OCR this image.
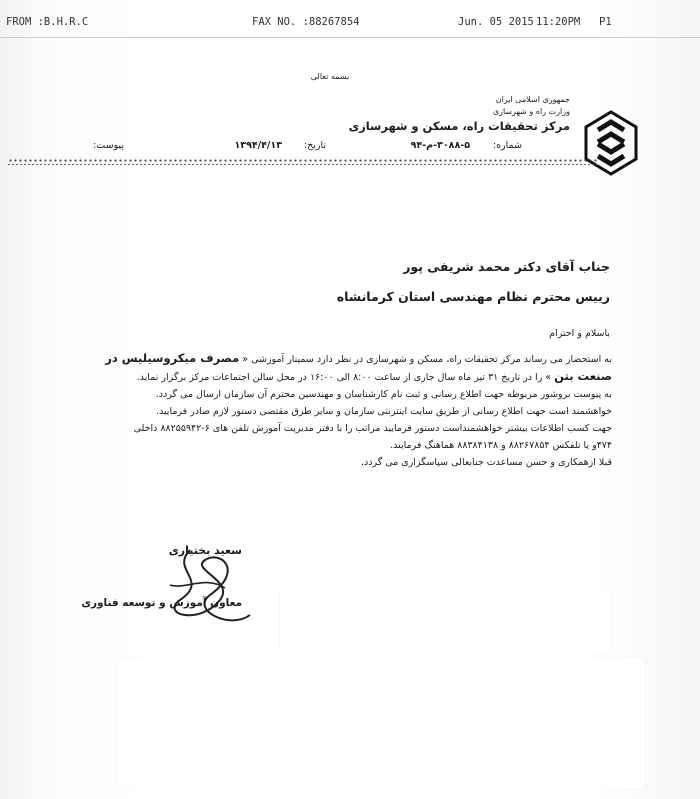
FROM :B.H.R.C	FAX NO. :88267854	Jun. 05 2015 11:20PM P1
بسمه تعالی
جمهوری اسلامی ایران
وزارت راه و شهرسازی
مرکز تحقیقات راه، مسکن و شهرسازی
شماره:
۳۰۸۸-۵-م-۹۴
تاریخ:
۱۳۹۴/۴/۱۳
پیوست:
جناب آقای دکتر محمد شریفی پور
رییس محترم نظام مهندسی استان کرمانشاه
باسلام و احترام

به استحضار می رساند مرکز تحقیقات راه، مسکن و شهرسازی در نظر دارد سمینار آموزشی « مصرف میکروسیلیس در

صنعت بتن » را در تاریخ ۳۱ تیر ماه سال جاری از ساعت ۸:۰۰ الی ۱۶:۰۰ در محل سالن اجتماعات مرکز برگزار نماید.

به پیوست بروشور مربوطه جهت اطلاع رسانی و ثبت نام کارشناسان و مهندسین محترم آن سازمان ارسال می گردد.

خواهشمند است جهت اطلاع رسانی از طریق سایت اینترنتی سازمان و سایر طرق مقتضی دستور لازم صادر فرمایید.

جهت کسب اطلاعات بیشتر خواهشمنداست دستور فرمایید مراتب را با دفتر مدیریت آموزش تلفن های ۶-۸۸۲۵۵۹۴۲ داخلی

۴۷۴و یا تلفکس ۸۸۲۶۷۸۵۴ و ۸۸۳۸۴۱۳۸ هماهنگ فرمایند.

قبلا ازهمکاری و حسن مساعدت جنابعالی سپاسگزاری می گردد.

سعید بختیاری
معاون آموزش و توسعه فناوری
